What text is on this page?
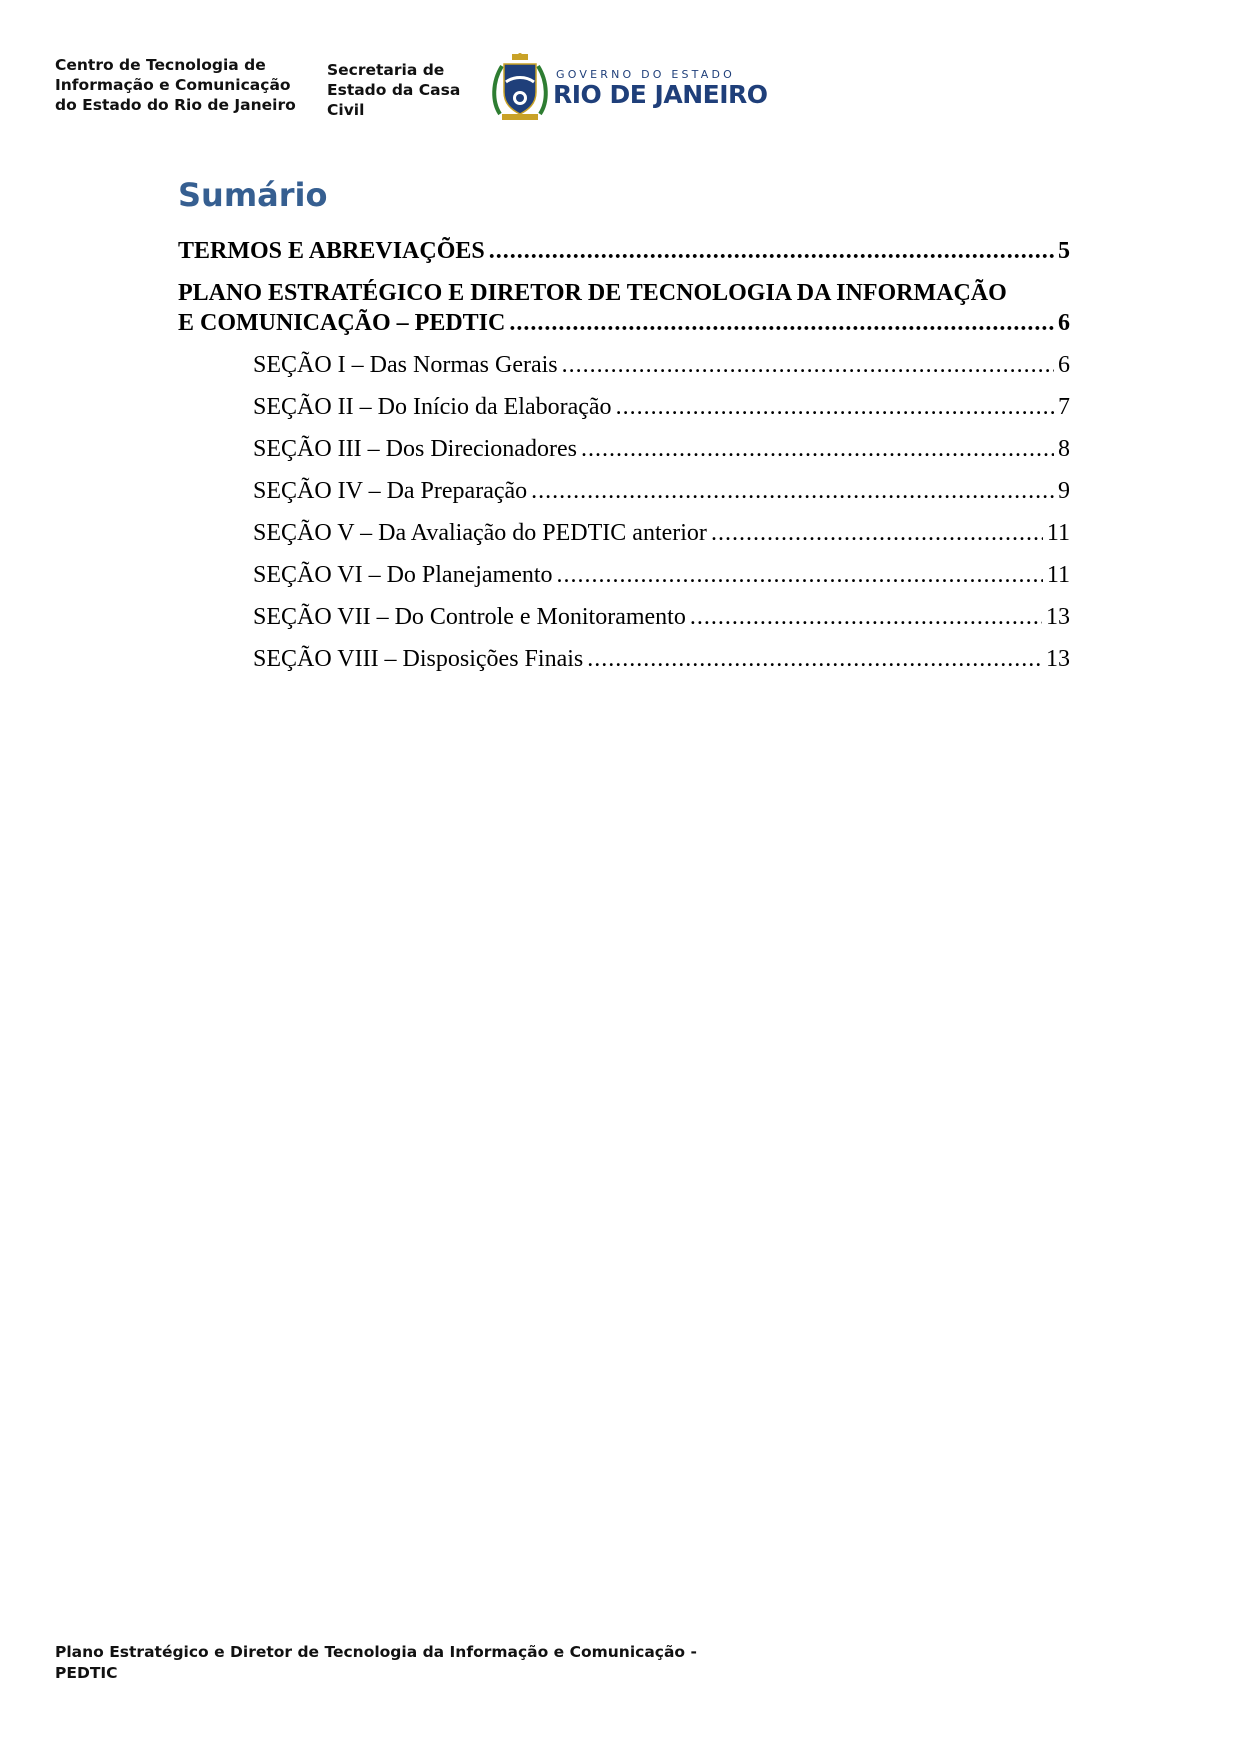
Centro de Tecnologia de
Informação e Comunicação
do Estado do Rio de Janeiro
Secretaria de
Estado da Casa
Civil
GOVERNO DO ESTADO
RIO DE JANEIRO
Sumário
TERMOS E ABREVIAÇÕES . . .	5
PLANO ESTRATÉGICO E DIRETOR DE TECNOLOGIA DA INFORMAÇÃO
E COMUNICAÇÃO – PEDTIC . . .	6
SEÇÃO I – Das Normas Gerais . . .	6
SEÇÃO II – Do Início da Elaboração . . .	7
SEÇÃO III – Dos Direcionadores . . .	8
SEÇÃO IV – Da Preparação . . .	9
SEÇÃO V – Da Avaliação do PEDTIC anterior . . .	11
SEÇÃO VI – Do Planejamento . . .	11
SEÇÃO VII – Do Controle e Monitoramento . . .	13
SEÇÃO VIII – Disposições Finais . . .	13
Plano Estratégico e Diretor de Tecnologia da Informação e Comunicação -
PEDTIC
